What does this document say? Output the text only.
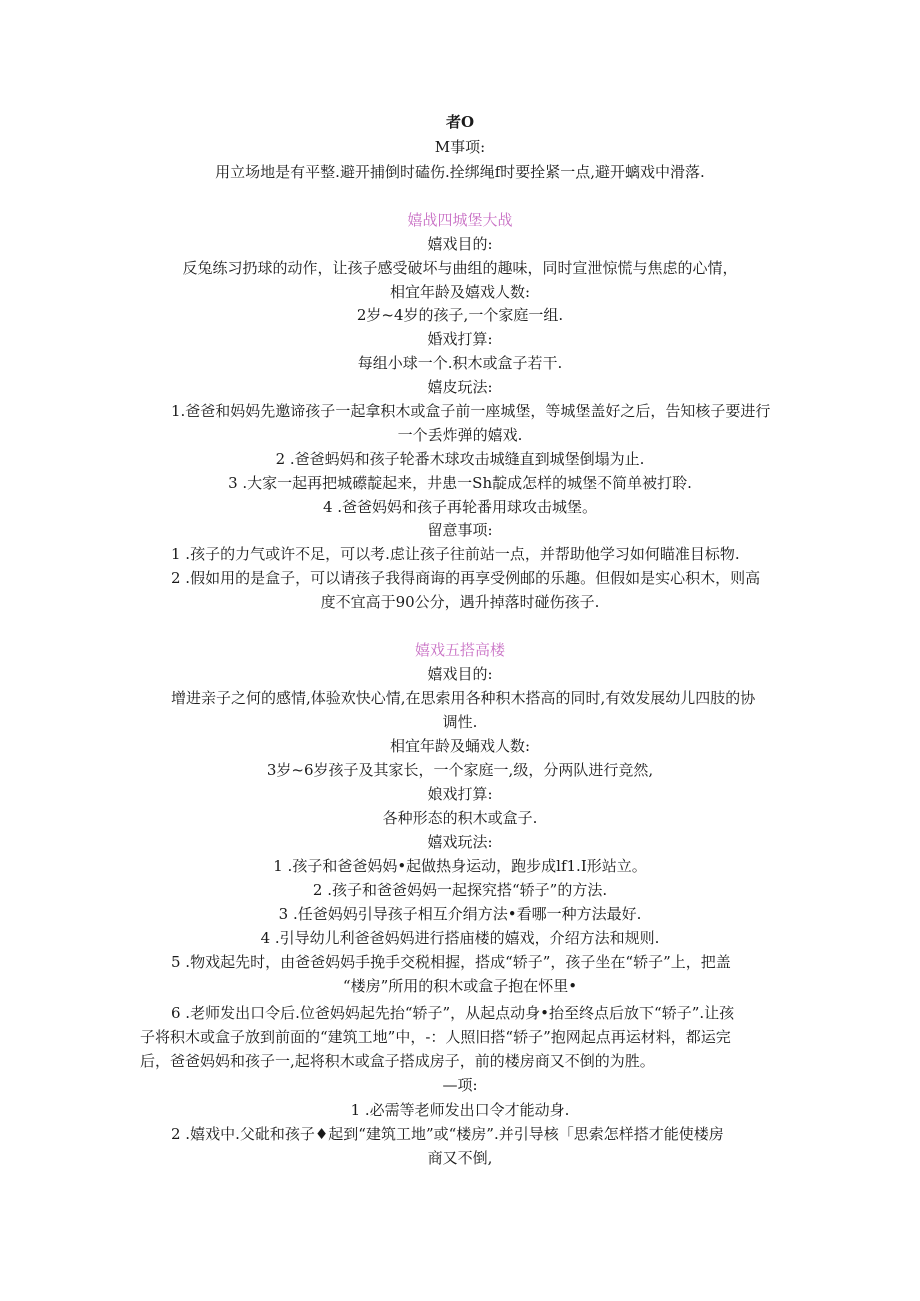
者O
M事项:
用立场地是有平整.避开捕倒时磕伤.拴绑绳f时要拴紧一点,避开螭戏中滑落.
嬉战四城堡大战
嬉戏目的:
反兔练习扔球的动作，让孩子感受破坏与曲组的趣味，同时宣泄惊慌与焦虑的心情，
相宜年龄及嬉戏人数:
2岁~4岁的孩子,一个家庭一组.
婚戏打算:
每组小球一个.积木或盒子若干.
嬉皮玩法:
1.爸爸和妈妈先邀谛孩子一起拿积木或盒子前一座城堡，等城堡盖好之后，告知核子要进行
一个丢炸弹的嬉戏.
2 .爸爸蚂妈和孩子轮番木球攻击城缝直到城堡倒塌为止.
3 .大家一起再把城礤靛起来，井患一Sh靛成怎样的城堡不简单被打聆.
4 .爸爸妈妈和孩子再轮番用球攻击城堡。
留意事项:
1 .孩子的力气或许不足，可以考.虑让孩子往前站一点，并帮助他学习如何瞄准目标物.
2 .假如用的是盒子，可以请孩子我得商诲的再享受例邮的乐趣。但假如是实心积木，则高
度不宜高于90公分，遇升掉落时碰伤孩子.
嬉戏五搭高楼
嬉戏目的:
增进亲子之何的感情,体验欢快心情,在思索用各种积木搭高的同时,有效发展幼儿四肢的协
调性.
相宜年龄及蛹戏人数:
3岁~6岁孩子及其家长，一个家庭一,级，分两队进行竞然,
娘戏打算:
各种形态的积木或盒子.
嬉戏玩法:
1 .孩子和爸爸妈妈•起做热身运动，跑步成lf1.I形站立。
2 .孩子和爸爸妈妈一起探究搭“轿子”的方法.
3 .任爸妈妈引导孩子相互介绢方法•看哪一种方法最好.
4 .引导幼儿利爸爸妈妈进行搭庙楼的嬉戏，介绍方法和规则.
5 .物戏起先时，由爸爸妈妈手挽手交税相握，搭成“轿子”，孩子坐在“轿子”上，把盖
“楼房”所用的积木或盒子抱在怀里•
6 .老师发出口令后.位爸妈妈起先抬“轿子”，从起点动身•抬至终点后放下“轿子”.让孩
子将积木或盒子放到前面的“建筑工地”中，-：人照旧搭“轿子”抱网起点再运材料，都运完
后，爸爸妈妈和孩子一,起将积木或盒子搭成房子，前的楼房商又不倒的为胜。
—项:
1 .必需等老师发出口令才能动身.
2 .嬉戏中.父砒和孩子♦起到“建筑工地”或“楼房”.并引导核「思索怎样搭才能使楼房
商又不倒,
